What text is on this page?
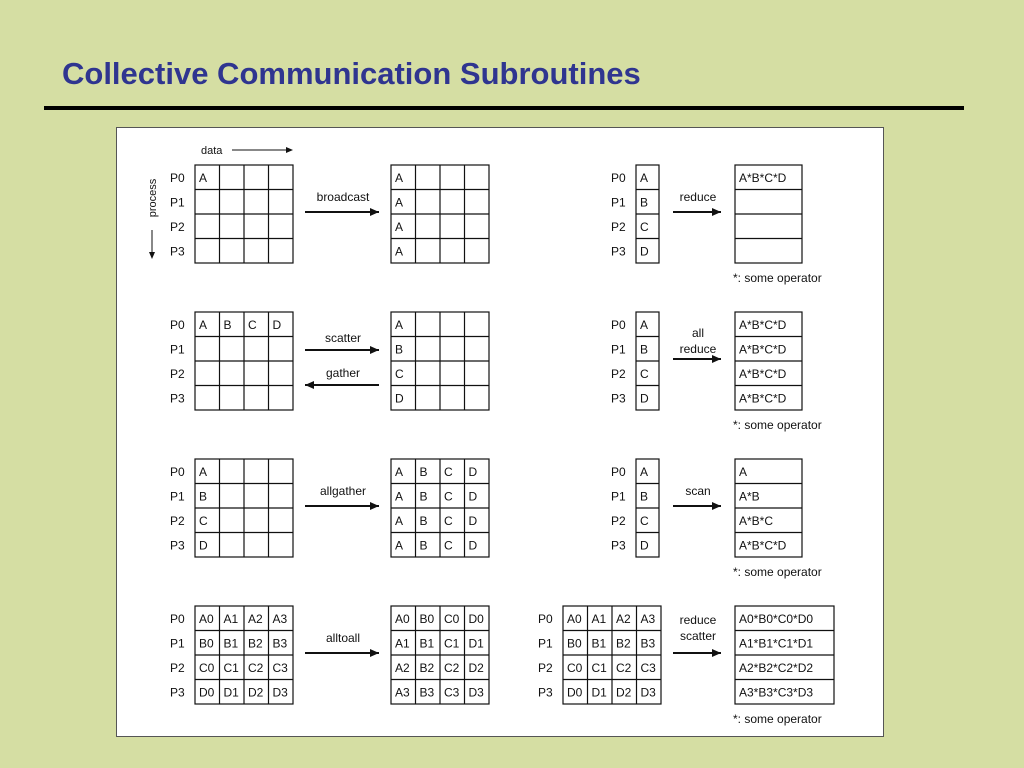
Collective Communication Subroutines
data
process
P0
P1
P2
P3
A	A
A
A
A
broadcast
P0
P1
P2
P3
A B C D	A
B
C
D
scatter
gather
P0
P1
P2
P3
A
B
C
D
A B C D
A B C D
A B C D
A B C D
allgather
P0
P1
P2
P3
A0 A1 A2 A3
B0 B1 B2 B3
C0 C1 C2 C3
D0 D1 D2 D3
A0 B0 C0 D0
A1 B1 C1 D1
A2 B2 C2 D2
A3 B3 C3 D3
alltoall
P0
P1
P2
P3
A
B
C
D
A*B*C*D
reduce
*: some operator
P0
P1
P2
P3
A
B
C
D
A*B*C*D
A*B*C*D
A*B*C*D
A*B*C*D
all
reduce
*: some operator
P0
P1
P2
P3
A
B
C
D
A
A*B
A*B*C
A*B*C*D
scan
*: some operator
P0
P1
P2
P3
A0 A1 A2 A3
B0 B1 B2 B3
C0 C1 C2 C3
D0 D1 D2 D3
A0*B0*C0*D0
A1*B1*C1*D1
A2*B2*C2*D2
A3*B3*C3*D3
reduce
scatter
*: some operator
